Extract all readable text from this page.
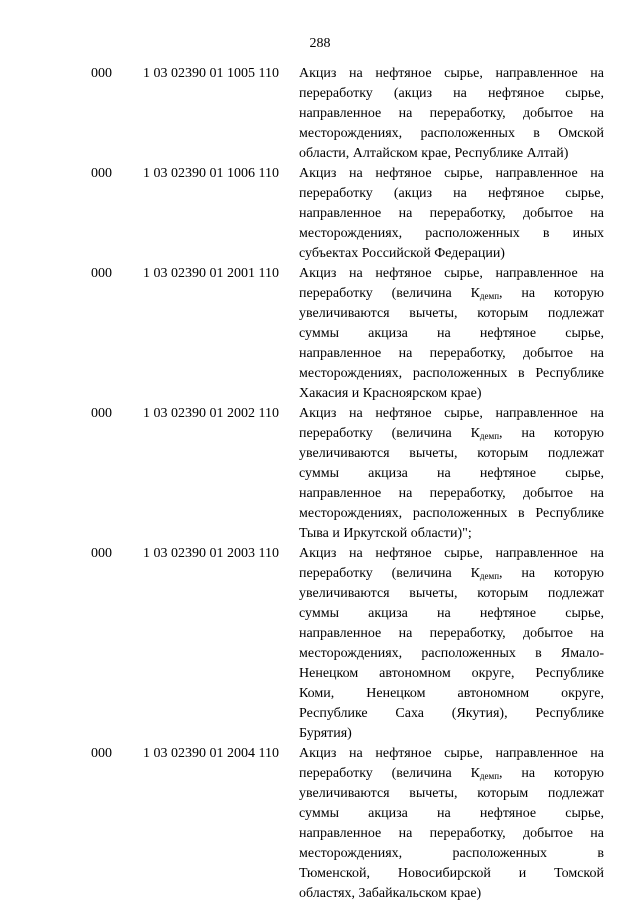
288
000	1 03 02390 01 1005 110	Акциз на нефтяное сырье, направленное на
переработку (акциз на нефтяное сырье,
направленное на переработку, добытое на
месторождениях, расположенных в Омской
области, Алтайском крае, Республике Алтай)
000	1 03 02390 01 1006 110	Акциз на нефтяное сырье, направленное на
переработку (акциз на нефтяное сырье,
направленное на переработку, добытое на
месторождениях, расположенных в иных
субъектах Российской Федерации)
000	1 03 02390 01 2001 110	Акциз на нефтяное сырье, направленное на
переработку (величина $К_{демп}$, на которую
увеличиваются вычеты, которым подлежат
суммы акциза на нефтяное сырье,
направленное на переработку, добытое на
месторождениях, расположенных в Республике
Хакасия и Красноярском крае)
000	1 03 02390 01 2002 110	Акциз на нефтяное сырье, направленное на
переработку (величина $К_{демп}$, на которую
увеличиваются вычеты, которым подлежат
суммы акциза на нефтяное сырье,
направленное на переработку, добытое на
месторождениях, расположенных в Республике
Тыва и Иркутской области)";
000	1 03 02390 01 2003 110	Акциз на нефтяное сырье, направленное на
переработку (величина $К_{демп}$, на которую
увеличиваются вычеты, которым подлежат
суммы акциза на нефтяное сырье,
направленное на переработку, добытое на
месторождениях, расположенных в Ямало-
Ненецком автономном округе, Республике
Коми, Ненецком автономном округе,
Республике Саха (Якутия), Республике
Бурятия)
000	1 03 02390 01 2004 110	Акциз на нефтяное сырье, направленное на
переработку (величина $К_{демп}$, на которую
увеличиваются вычеты, которым подлежат
суммы акциза на нефтяное сырье,
направленное на переработку, добытое на
месторождениях, расположенных в
Тюменской, Новосибирской и Томской
областях, Забайкальском крае)
